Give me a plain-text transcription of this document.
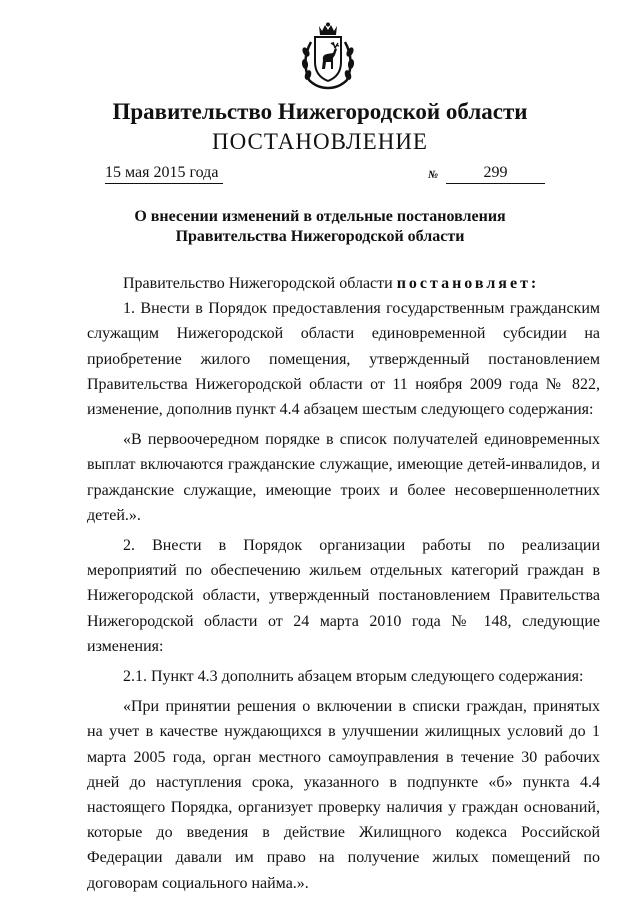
Правительство Нижегородской области
ПОСТАНОВЛЕНИЕ
15 мая 2015 года	№	299
О внесении изменений в отдельные постановления
Правительства Нижегородской области

Правительство Нижегородской области постановляет:

1. Внести в Порядок предоставления государственным гражданским служащим Нижегородской области единовременной субсидии на приобретение жилого помещения, утвержденный постановлением Правительства Нижегородской области от 11 ноября 2009 года № 822, изменение, дополнив пункт 4.4 абзацем шестым следующего содержания:

«В первоочередном порядке в список получателей единовременных выплат включаются гражданские служащие, имеющие детей-инвалидов, и гражданские служащие, имеющие троих и более несовершеннолетних детей.».

2. Внести в Порядок организации работы по реализации мероприятий по обеспечению жильем отдельных категорий граждан в Нижегородской области, утвержденный постановлением Правительства Нижегородской области от 24 марта 2010 года № 148, следующие изменения:

2.1. Пункт 4.3 дополнить абзацем вторым следующего содержания:

«При принятии решения о включении в списки граждан, принятых на учет в качестве нуждающихся в улучшении жилищных условий до 1 марта 2005 года, орган местного самоуправления в течение 30 рабочих дней до наступления срока, указанного в подпункте «б» пункта 4.4 настоящего Порядка, организует проверку наличия у граждан оснований, которые до введения в действие Жилищного кодекса Российской Федерации давали им право на получение жилых помещений по договорам социального найма.».
